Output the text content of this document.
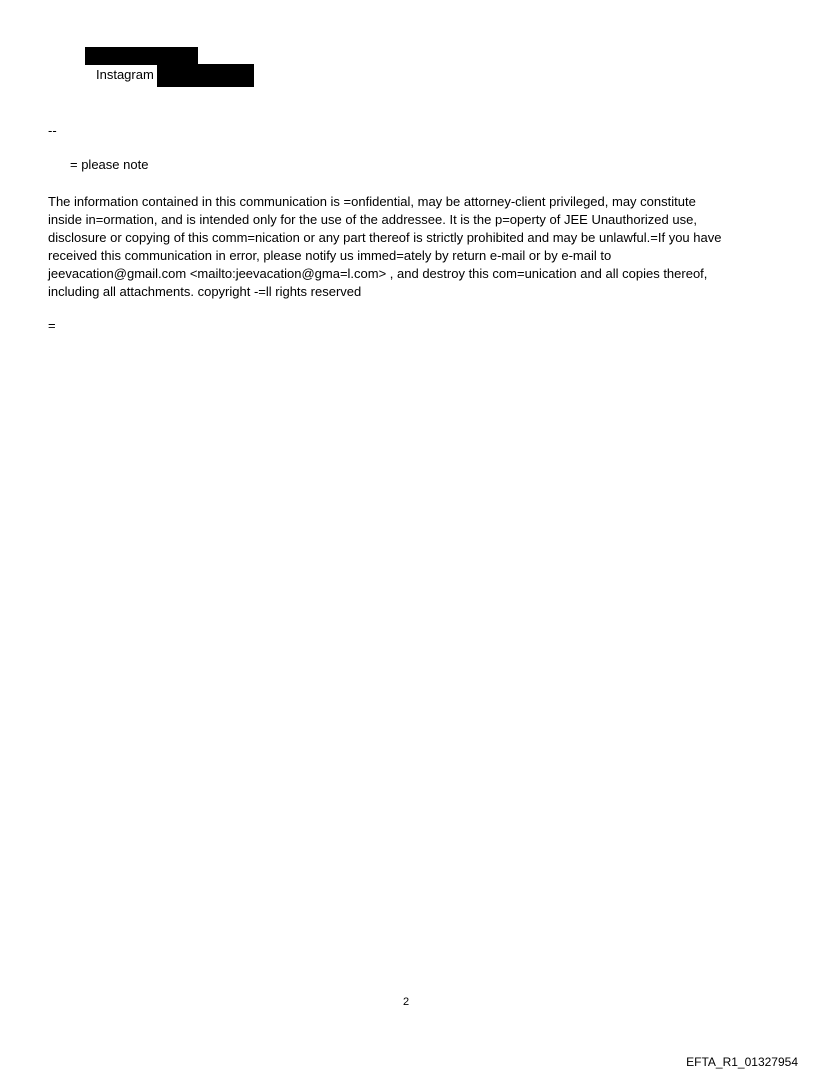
Instagram
--
= please note
The information contained in this communication is =onfidential, may be attorney-client privileged, may constitute
inside in=ormation, and is intended only for the use of the addressee. It is the p=operty of JEE Unauthorized use,
disclosure or copying of this comm=nication or any part thereof is strictly prohibited and may be unlawful.=If you have
received this communication in error, please notify us immed=ately by return e-mail or by e-mail to
jeevacation@gmail.com <mailto:jeevacation@gma=l.com> , and destroy this com=unication and all copies thereof,
including all attachments. copyright -=ll rights reserved
=
2
EFTA_R1_01327954
